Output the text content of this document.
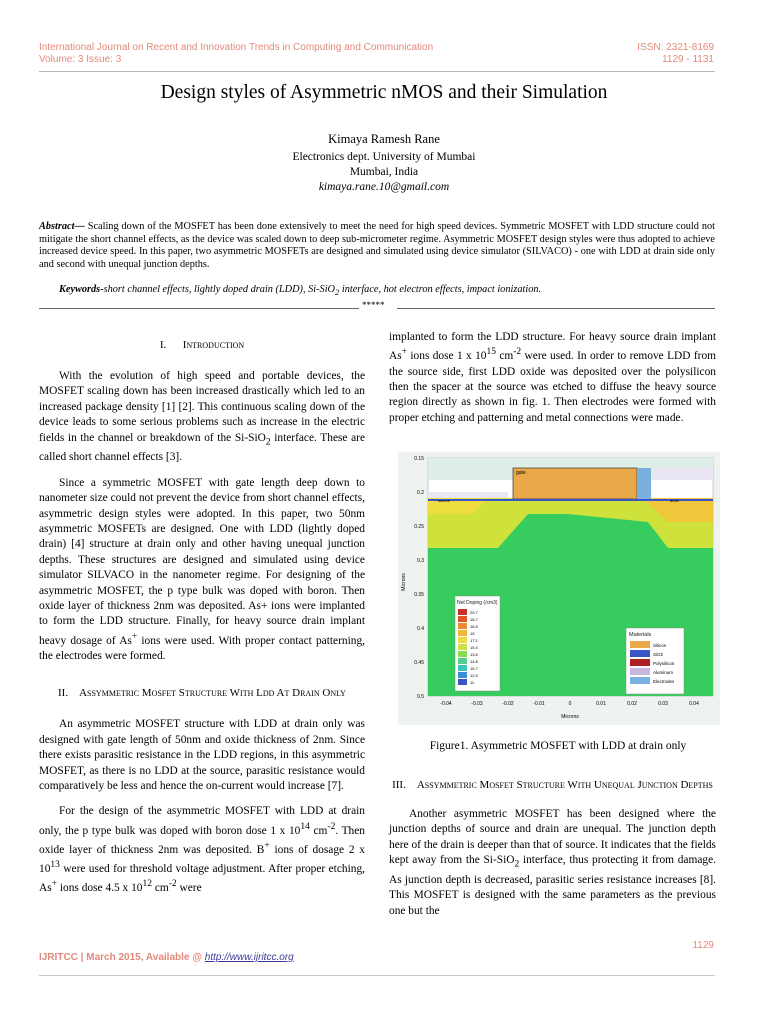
International Journal on Recent and Innovation Trends in Computing and Communication
Volume: 3 Issue: 3
ISSN: 2321-8169
1129 - 1131
Design styles of Asymmetric nMOS and their Simulation
Kimaya Ramesh Rane
Electronics dept. University of Mumbai
Mumbai, India
kimaya.rane.10@gmail.com
Abstract— Scaling down of the MOSFET has been done extensively to meet the need for high speed devices. Symmetric MOSFET with LDD structure could not mitigate the short channel effects, as the device was scaled down to deep sub-micrometer regime. Asymmetric MOSFET design styles were thus adopted to achieve increased device speed. In this paper, two asymmetric MOSFETs are designed and simulated using device simulator (SILVACO) - one with LDD at drain side only and second with unequal junction depths.
Keywords-short channel effects, lightly doped drain (LDD), Si-SiO$_2$ interface, hot electron effects, impact ionization.
*****
I. Introduction

With the evolution of high speed and portable devices, the MOSFET scaling down has been increased drastically which led to an increased package density [1] [2]. This continuous scaling down of the device leads to some serious problems such as increase in the electric fields in the channel or breakdown of the Si-SiO$_2$ interface. These are called short channel effects [3].

Since a symmetric MOSFET with gate length deep down to nanometer size could not prevent the device from short channel effects, asymmetric design styles were adopted. In this paper, two 50nm asymmetric MOSFETs are designed. One with LDD (lightly doped drain) [4] structure at drain only and other having unequal junction depths. These structures are designed and simulated using device simulator SILVACO in the nanometer regime. For designing of the asymmetric MOSFET, the p type bulk was doped with boron. Then oxide layer of thickness 2nm was deposited. As+ ions were implanted to form the LDD structure. Finally, for heavy source drain implant heavy dosage of As+ ions were used. With proper contact patterning, the electrodes were formed.

II. Assymmetric Mosfet Structure With Ldd At Drain Only

An asymmetric MOSFET structure with LDD at drain only was designed with gate length of 50nm and oxide thickness of 2nm. Since there exists parasitic resistance in the LDD regions, in this asymmetric MOSFET, as there is no LDD at the source, parasitic resistance would comparatively be less and hence the on-current would increase [7].

For the design of the asymmetric MOSFET with LDD at drain only, the p type bulk was doped with boron dose 1 x $10^{14}$ $cm^{-2}$. Then oxide layer of thickness 2nm was deposited. B+ ions of dosage 2 x $10^{13}$ were used for threshold voltage adjustment. After proper etching, As+ ions dose 4.5 x $10^{12}$ $cm^{-2}$ were

implanted to form the LDD structure. For heavy source drain implant As+ ions dose 1 x $10^{15}$ $cm^{-2}$ were used. In order to remove LDD from the source side, first LDD oxide was deposited over the polysilicon then the spacer at the source was etched to diffuse the heavy source region directly as shown in fig. 1. Then electrodes were formed with proper etching and patterning and metal connections were made.

Net Doping (/cm3)
Materials
20.7
18.7
16.8
15
17.1
15.4
13.6
14.8
16.7
12.9
11
Silicon
SiO2
Polysilicon
Aluminum
Electrodes
gate
source	drain
0.15
0.2
0.25
0.3
0.35
0.4
0.45
0.5
Microns
-0.04	-0.03	-0.02	-0.01	0	0.01	0.02	0.03	0.04
Microns
Figure1. Asymmetric MOSFET with LDD at drain only
III. Assymmetric Mosfet Structure With Unequal Junction Depths

Another asymmetric MOSFET has been designed where the junction depths of source and drain are unequal. The junction depth here of the drain is deeper than that of source. It indicates that the fields kept away from the Si-SiO$_2$ interface, thus protecting it from damage. As junction depth is decreased, parasitic series resistance increases [8]. This MOSFET is designed with the same parameters as the previous one but the

1129
IJRITCC | March 2015, Available @ http://www.ijritcc.org
